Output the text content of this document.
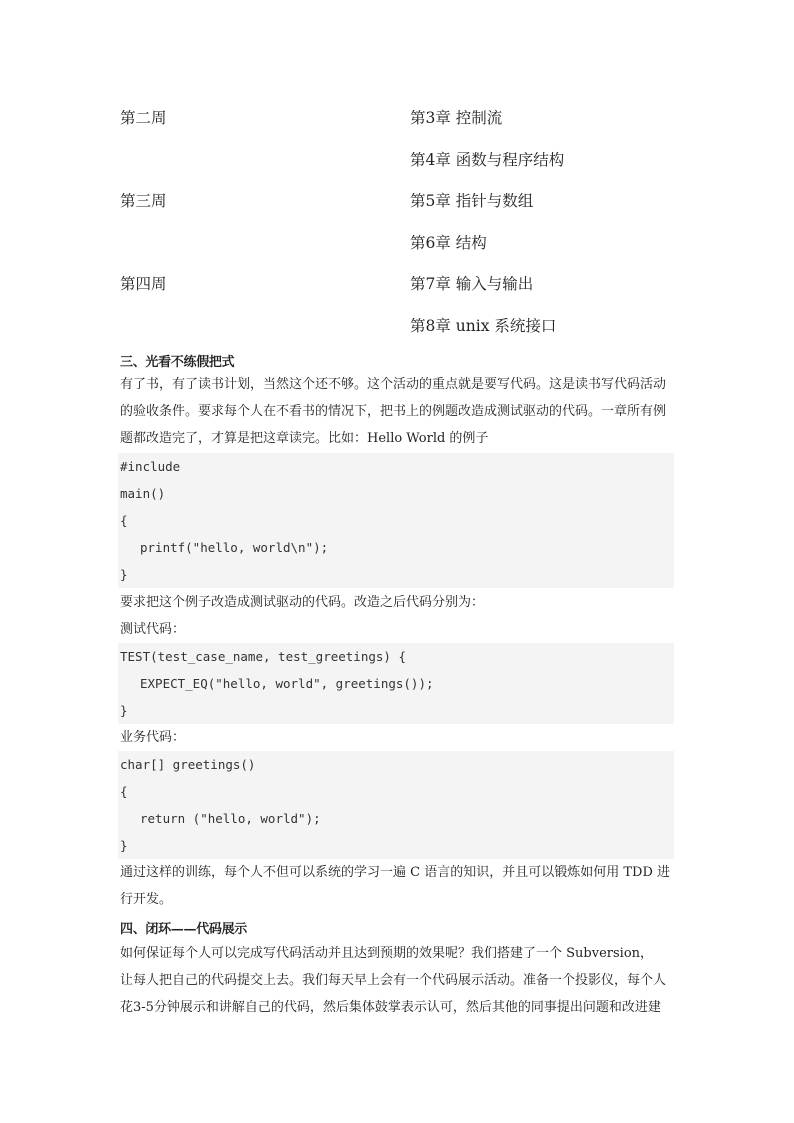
第二周	第3章 控制流
第4章 函数与程序结构
第三周	第5章 指针与数组
第6章 结构
第四周	第7章 输入与输出
第8章 unix 系统接口
三、光看不练假把式
有了书，有了读书计划，当然这个还不够。这个活动的重点就是要写代码。这是读书写代码活动
的验收条件。要求每个人在不看书的情况下，把书上的例题改造成测试驱动的代码。一章所有例
题都改造完了，才算是把这章读完。比如：Hello World 的例子
#include
main()
{
printf("hello, world\n");
}
要求把这个例子改造成测试驱动的代码。改造之后代码分别为：
测试代码：
TEST(test_case_name, test_greetings) {
EXPECT_EQ("hello, world", greetings());
}
业务代码：
char[] greetings()
{
return ("hello, world");
}
通过这样的训练，每个人不但可以系统的学习一遍 C 语言的知识，并且可以锻炼如何用 TDD 进
行开发。
四、闭环——代码展示
如何保证每个人可以完成写代码活动并且达到预期的效果呢？我们搭建了一个 Subversion，
让每人把自己的代码提交上去。我们每天早上会有一个代码展示活动。准备一个投影仪，每个人
花3-5分钟展示和讲解自己的代码，然后集体鼓掌表示认可，然后其他的同事提出问题和改进建
